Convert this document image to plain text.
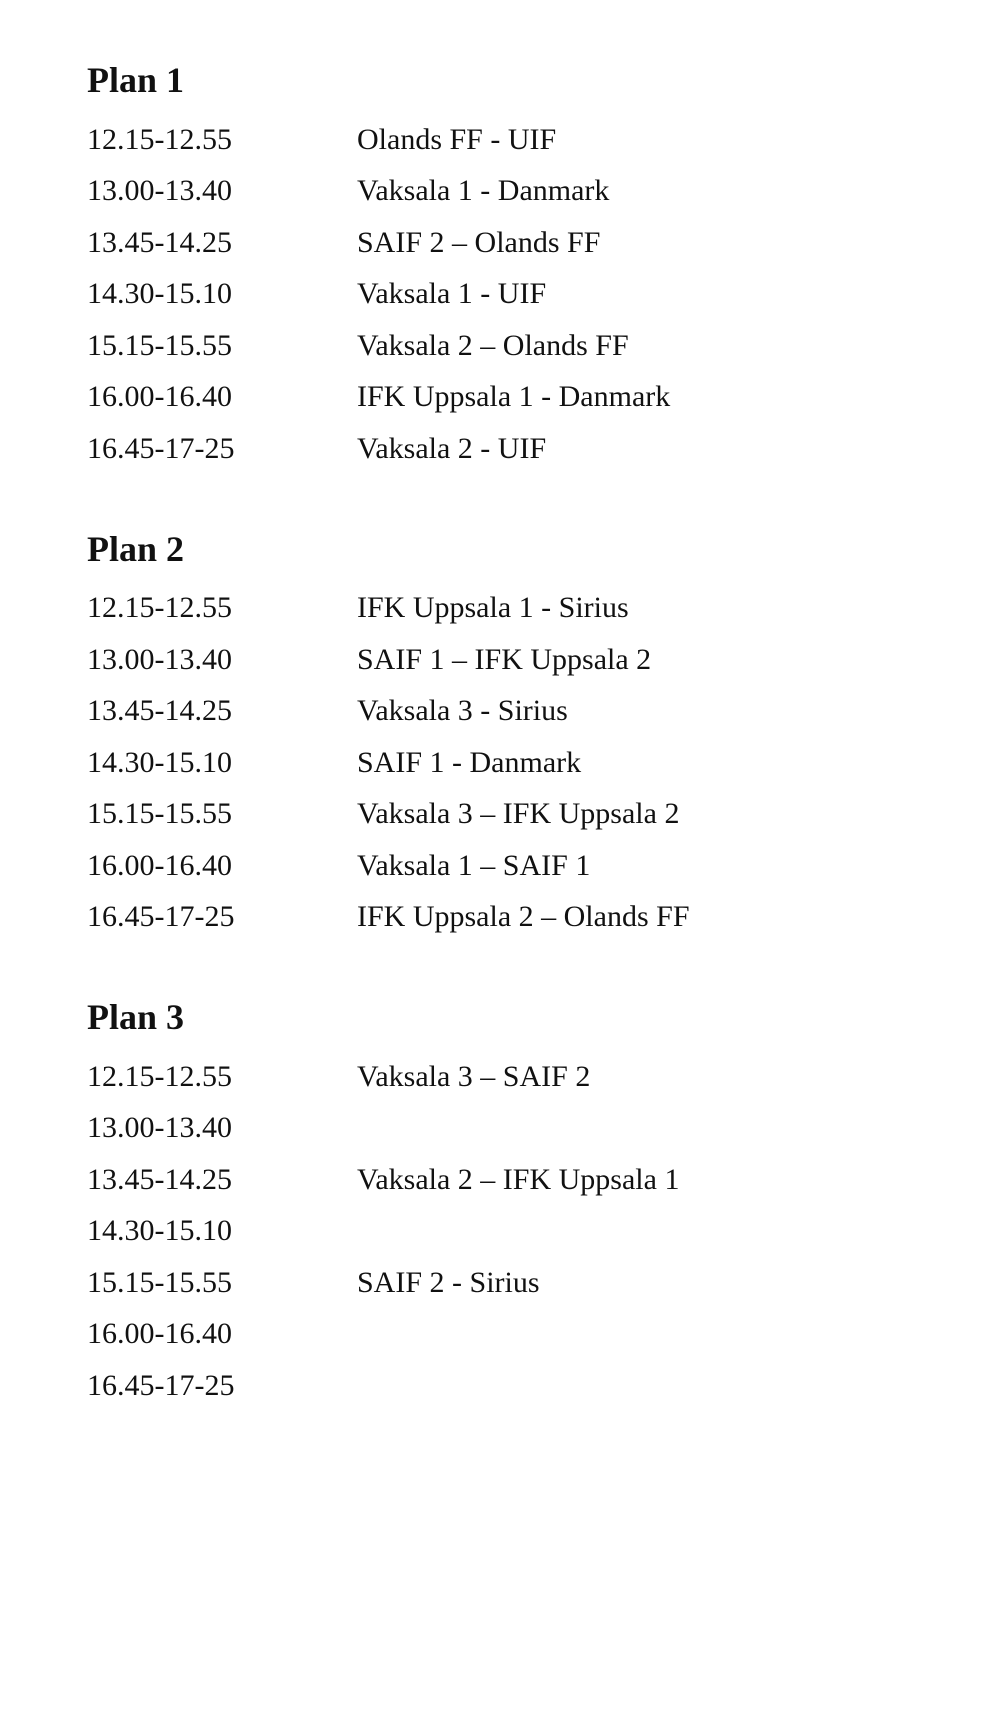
Plan 1
12.15-12.55	Olands FF - UIF
13.00-13.40	Vaksala 1 - Danmark
13.45-14.25	SAIF 2 – Olands FF
14.30-15.10	Vaksala 1 - UIF
15.15-15.55	Vaksala 2 – Olands FF
16.00-16.40	IFK Uppsala 1 - Danmark
16.45-17-25	Vaksala 2 - UIF
Plan 2
12.15-12.55	IFK Uppsala 1 - Sirius
13.00-13.40	SAIF 1 – IFK Uppsala 2
13.45-14.25	Vaksala 3 - Sirius
14.30-15.10	SAIF 1 - Danmark
15.15-15.55	Vaksala 3 – IFK Uppsala 2
16.00-16.40	Vaksala 1 – SAIF 1
16.45-17-25	IFK Uppsala 2 – Olands FF
Plan 3
12.15-12.55	Vaksala 3 – SAIF 2
13.00-13.40
13.45-14.25	Vaksala 2 – IFK Uppsala 1
14.30-15.10
15.15-15.55	SAIF 2 - Sirius
16.00-16.40
16.45-17-25
